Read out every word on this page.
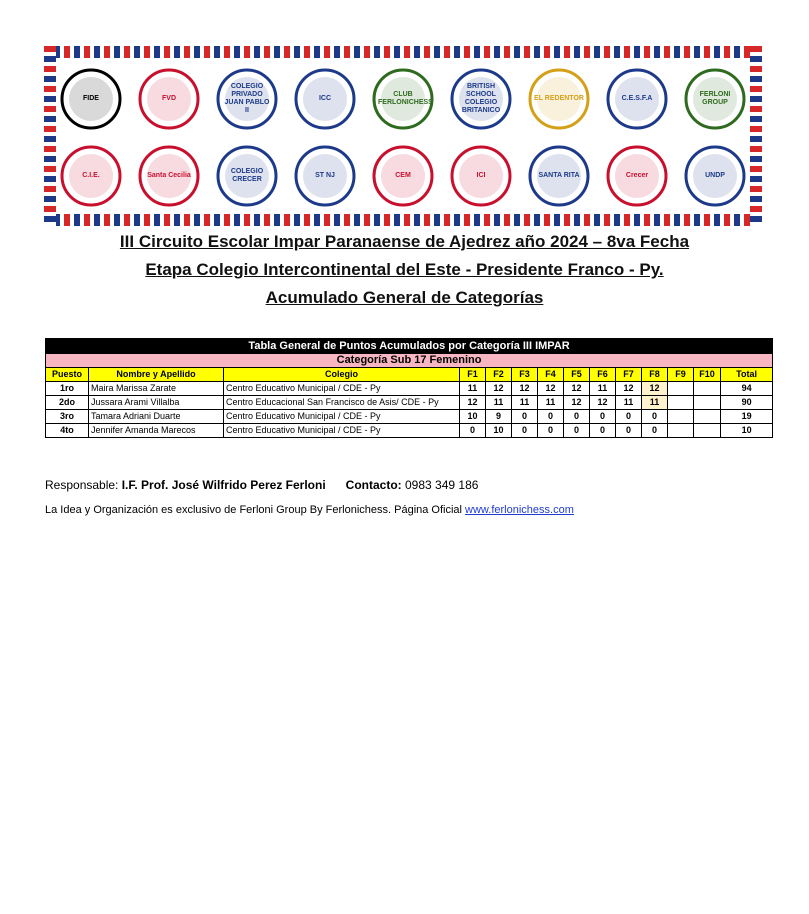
FIDE	FVD
COLEGIO PRIVADO JUAN PABLO II
ICC
CLUB FERLONICHESS
BRITISH SCHOOL COLEGIO BRITANICO
EL REDENTOR	C.E.S.F.A
FERLONI GROUP
C.I.E.	Santa Cecilia
COLEGIO CRECER
ST NJ	CEM	ICI	SANTA RITA	Crecer	UNDP
III Circuito Escolar Impar Paranaense de Ajedrez año 2024 – 8va Fecha
Etapa Colegio Intercontinental del Este - Presidente Franco - Py.
Acumulado General de Categorías
Tabla General de Puntos Acumulados por Categoría III IMPAR													
Categoría Sub 17 Femenino													
Puesto	Nombre y Apellido	Colegio	F1	F2	F3	F4	F5	F6	F7	F8	F9	F10	Total
1ro	Maira Marissa Zarate	Centro Educativo Municipal / CDE - Py	11	12	12	12	12	11	12	12			94
2do	Jussara Arami Villalba	Centro Educacional San Francisco de Asis/ CDE - Py	12	11	11	11	12	12	11	11			90
3ro	Tamara Adriani Duarte	Centro Educativo Municipal / CDE - Py	10	9	0	0	0	0	0	0			19
4to	Jennifer Amanda Marecos	Centro Educativo Municipal / CDE - Py	0	10	0	0	0	0	0	0			10
Responsable: I.F. Prof. José Wilfrido Perez Ferloni Contacto: 0983 349 186
La Idea y Organización es exclusivo de Ferloni Group By Ferlonichess. Página Oficial www.ferlonichess.com
